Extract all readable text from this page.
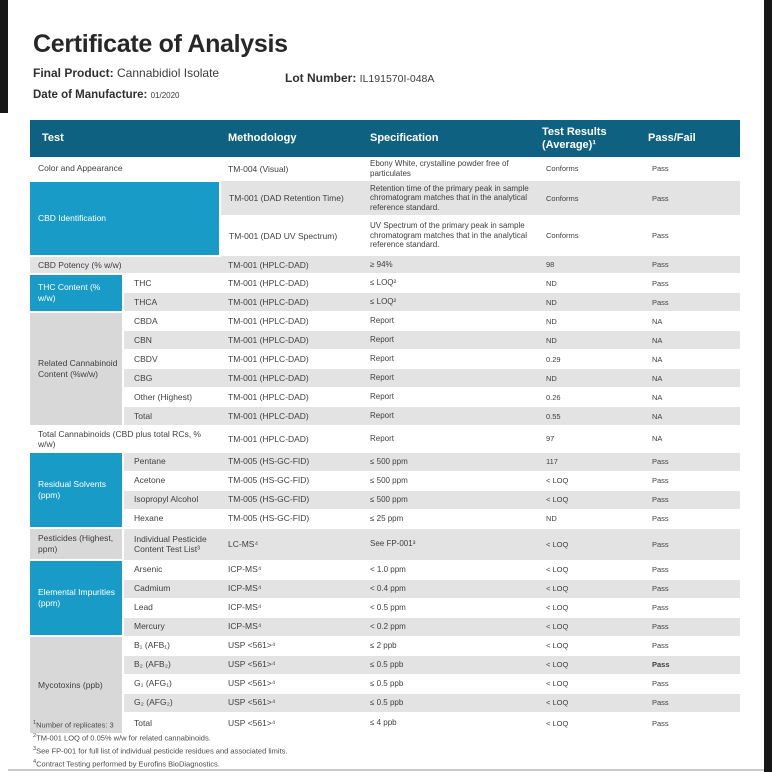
Certificate of Analysis
Final Product: Cannabidiol Isolate	Lot Number: IL191570I-048A
Date of Manufacture: 01/2020
Test		Methodology	Specification	Test Results (Average)¹	Pass/Fail
Color and Appearance		TM-004 (Visual)	Ebony White, crystalline powder free of particulates	Conforms	Pass
CBD Identification		TM-001 (DAD Retention Time)	Retention time of the primary peak in sample chromatogram matches that in the analytical reference standard.	Conforms	Pass
		TM-001 (DAD UV Spectrum)	UV Spectrum of the primary peak in sample chromatogram matches that in the analytical reference standard.	Conforms	Pass
CBD Potency (% w/w)		TM-001 (HPLC-DAD)	≥ 94%	98	Pass
THC Content (% w/w)	THC	TM-001 (HPLC-DAD)	≤ LOQ²	ND	Pass
	THCA	TM-001 (HPLC-DAD)	≤ LOQ²	ND	Pass
Related Cannabinoid Content (%w/w)	CBDA	TM-001 (HPLC-DAD)	Report	ND	NA
	CBN	TM-001 (HPLC-DAD)	Report	ND	NA
	CBDV	TM-001 (HPLC-DAD)	Report	0.29	NA
	CBG	TM-001 (HPLC-DAD)	Report	ND	NA
	Other (Highest)	TM-001 (HPLC-DAD)	Report	0.26	NA
	Total	TM-001 (HPLC-DAD)	Report	0.55	NA
Total Cannabinoids (CBD plus total RCs, % w/w)		TM-001 (HPLC-DAD)	Report	97	NA
Residual Solvents (ppm)	Pentane	TM-005 (HS-GC-FID)	≤ 500 ppm	117	Pass
	Acetone	TM-005 (HS-GC-FID)	≤ 500 ppm	< LOQ	Pass
	Isopropyl Alcohol	TM-005 (HS-GC-FID)	≤ 500 ppm	< LOQ	Pass
	Hexane	TM-005 (HS-GC-FID)	≤ 25 ppm	ND	Pass
Pesticides (Highest, ppm)	Individual Pesticide Content Test List³	LC-MS⁴	See FP-001³	< LOQ	Pass
Elemental Impurities (ppm)	Arsenic	ICP-MS⁴	< 1.0 ppm	< LOQ	Pass
	Cadmium	ICP-MS⁴	< 0.4 ppm	< LOQ	Pass
	Lead	ICP-MS⁴	< 0.5 ppm	< LOQ	Pass
	Mercury	ICP-MS⁴	< 0.2 ppm	< LOQ	Pass
Mycotoxins (ppb)	B₁ (AFB₁)	USP <561>⁴	≤ 2 ppb	< LOQ	Pass
	B₂ (AFB₂)	USP <561>⁴	≤ 0.5 ppb	< LOQ	Pass
	G₁ (AFG₁)	USP <561>⁴	≤ 0.5 ppb	< LOQ	Pass
	G₂ (AFG₂)	USP <561>⁴	≤ 0.5 ppb	< LOQ	Pass
	Total	USP <561>⁴	≤ 4 ppb	< LOQ	Pass
$^1$Number of replicates: 3
$^2$TM-001 LOQ of 0.05% w/w for related cannabinoids.
$^3$See FP-001 for full list of individual pesticide residues and associated limits.
$^4$Contract Testing performed by Eurofins BioDiagnostics.
